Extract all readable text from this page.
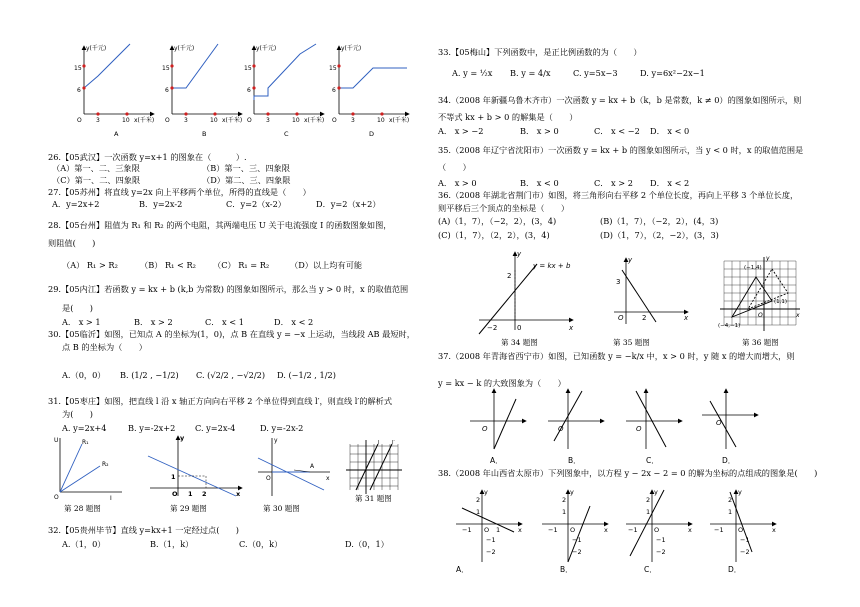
y(千元)
15
6
O 3	10 x(千米)
A
y(千元)
15
6
O 3	10 x(千米)
B
y(千元)
15
6
O 3	10 x(千米)
C
y(千元)
15
6
O 3	10 x(千米)
D
26.【05武汉】一次函数 y=x+1 的图象在（　　　）.
（A）第一、二、三象限	（B）第一、三、四象限
（C）第一、二、四象限	（D）第二、三、四象限
27.【05苏州】将直线 y=2x 向上平移两个单位，所得的直线是（　　）
A．y=2x+2	B．y=2x-2	C．y=2（x-2）	D．y=2（x+2）
28.【05台州】阻值为 R₁ 和 R₂ 的两个电阻，其两端电压 U 关于电流强度 I 的函数图象如图，
则阻值(　　)
（A） R₁ > R₂	（B） R₁ < R₂ （C） R₁ = R₂	（D）以上均有可能
29.【05内江】若函数 y = kx + b (k,b 为常数) 的图象如图所示，那么当 y > 0 时，x 的取值范围
是(　　)
A． x > 1	B． x > 2	C． x < 1	D． x < 2
30.【05临沂】如图，已知点 A 的坐标为(1，0)，点 B 在直线 y = −x 上运动，当线段 AB 最短时，
点 B 的坐标为（　　）
A.（0，0） B. (1/2 , −1/2) C. (√2/2 , −√2/2) D. (−1/2 , 1/2)
31.【05枣庄】如图，把直线 l 沿 x 轴正方向向右平移 2 个单位得到直线 l′，则直线 l′的解析式
为(　　)
A. y=2x+4	B. y=-2x+2 C. y=2x-4	D. y=-2x-2
U	R₁
R₂
O	I
第 28 题图
y
1
O 1 2	x
第 29 题图
y
O
A
x
第 30 题图
l l′
第 31 题图
32.【05贵州毕节】直线 y=kx+1 一定经过点(　　)
A.（1，0）	B.（1，k）	C.（0，k）	D.（0，1）
33.【05梅山】下列函数中，是正比例函数的为（　　）
A. y = ½x B. y = 4/x	C. y=5x−3	D. y=6x²−2x−1
34.（2008 年新疆乌鲁木齐市）一次函数 y = kx + b（k，b 是常数，k ≠ 0）的图象如图所示，则
不等式 kx + b > 0 的解集是（　　）
A． x > −2	B． x > 0	C． x < −2 D． x < 0
35.（2008 年辽宁省沈阳市）一次函数 y = kx + b 的图象如图所示，当 y < 0 时，x 的取值范围是
（　　）
A． x > 0	B． x < 0	C． x > 2 D． x < 2
36.（2008 年湖北省荆门市）如图，将三角形向右平移 2 个单位长度，再向上平移 3 个单位长度，
则平移后三个顶点的坐标是（　　）
(A)（1，7），（−2，2），(3，4)	(B)（1，7），（−2，2），(4，3)
(C)（1，7），（2，2），(3，4)	(D)（1，7），（2，−2），(3，3)
y
y = kx + b
2
−2	0	x
第 34 题图
y
3
O	2	x
第 35 题图
(−1,4)
(1,1)
(−4,−1)
y
O	x
第 36 题图
37.（2008 年青海省西宁市）如图，已知函数 y = −k/x 中，x > 0 时，y 随 x 的增大而增大，则
y = kx − k 的大致图象为（　　）
O
A．
O
B．
O
C．
O
D．
38.（2008 年山西省太原市）下列图象中，以方程 y − 2x − 2 = 0 的解为坐标的点组成的图象是(　　)
y
2
1
−1 O 1	x
−1
−2
A．
y
2
1
−1 O	x
−1
−2
B．
y
2
1
−1	O	x
−1
−2
C．
y
2
1
−1 O	x
−1
−2
D．
